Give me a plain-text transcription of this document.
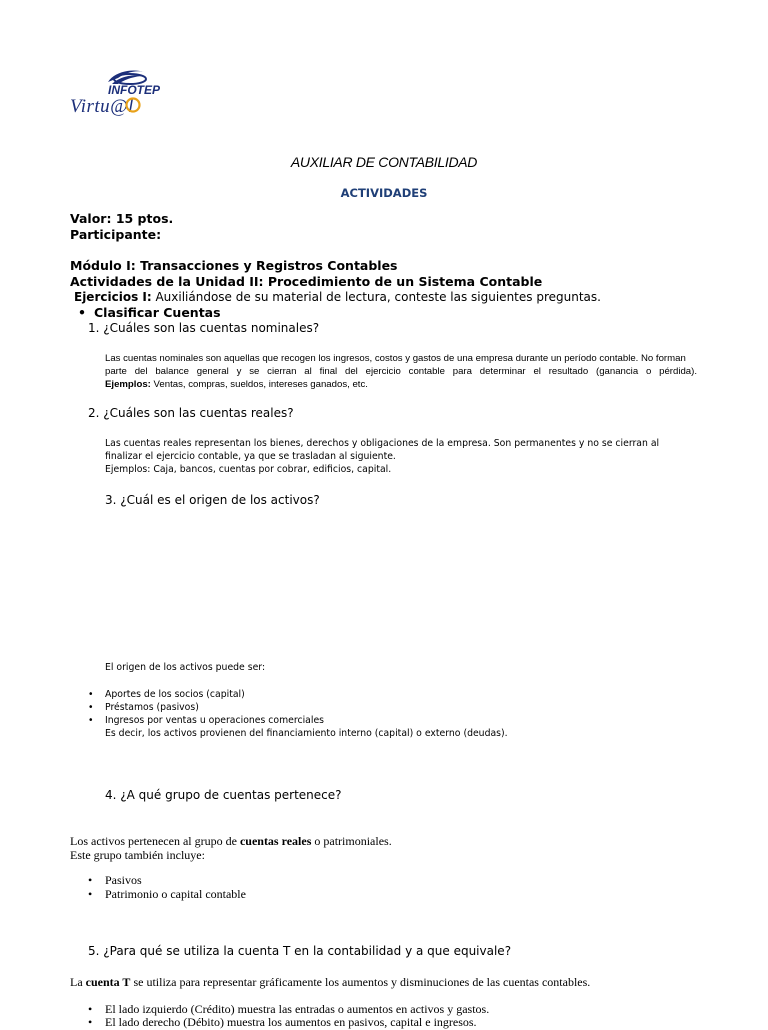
INFOTEP
Virtu@l
AUXILIAR DE CONTABILIDAD
ACTIVIDADES
Valor: 15 ptos.
Participante:
Módulo I: Transacciones y Registros Contables
Actividades de la Unidad II: Procedimiento de un Sistema Contable
Ejercicios I: Auxiliándose de su material de lectura, conteste las siguientes preguntas.
• Clasificar Cuentas
1. ¿Cuáles son las cuentas nominales?
Las cuentas nominales son aquellas que recogen los ingresos, costos y gastos de una empresa durante un período contable. No forman
parte del balance general y se cierran al final del ejercicio contable para determinar el resultado (ganancia o pérdida).
Ejemplos: Ventas, compras, sueldos, intereses ganados, etc.
2. ¿Cuáles son las cuentas reales?
Las cuentas reales representan los bienes, derechos y obligaciones de la empresa. Son permanentes y no se cierran al
finalizar el ejercicio contable, ya que se trasladan al siguiente.
Ejemplos: Caja, bancos, cuentas por cobrar, edificios, capital.
3. ¿Cuál es el origen de los activos?
El origen de los activos puede ser:
• Aportes de los socios (capital)
• Préstamos (pasivos)
• Ingresos por ventas u operaciones comerciales
Es decir, los activos provienen del financiamiento interno (capital) o externo (deudas).
4. ¿A qué grupo de cuentas pertenece?
Los activos pertenecen al grupo de cuentas reales o patrimoniales.
Este grupo también incluye:
• Pasivos
• Patrimonio o capital contable
5. ¿Para qué se utiliza la cuenta T en la contabilidad y a que equivale?
La cuenta T se utiliza para representar gráficamente los aumentos y disminuciones de las cuentas contables.
• El lado izquierdo (Crédito) muestra las entradas o aumentos en activos y gastos.
• El lado derecho (Débito) muestra los aumentos en pasivos, capital e ingresos.
